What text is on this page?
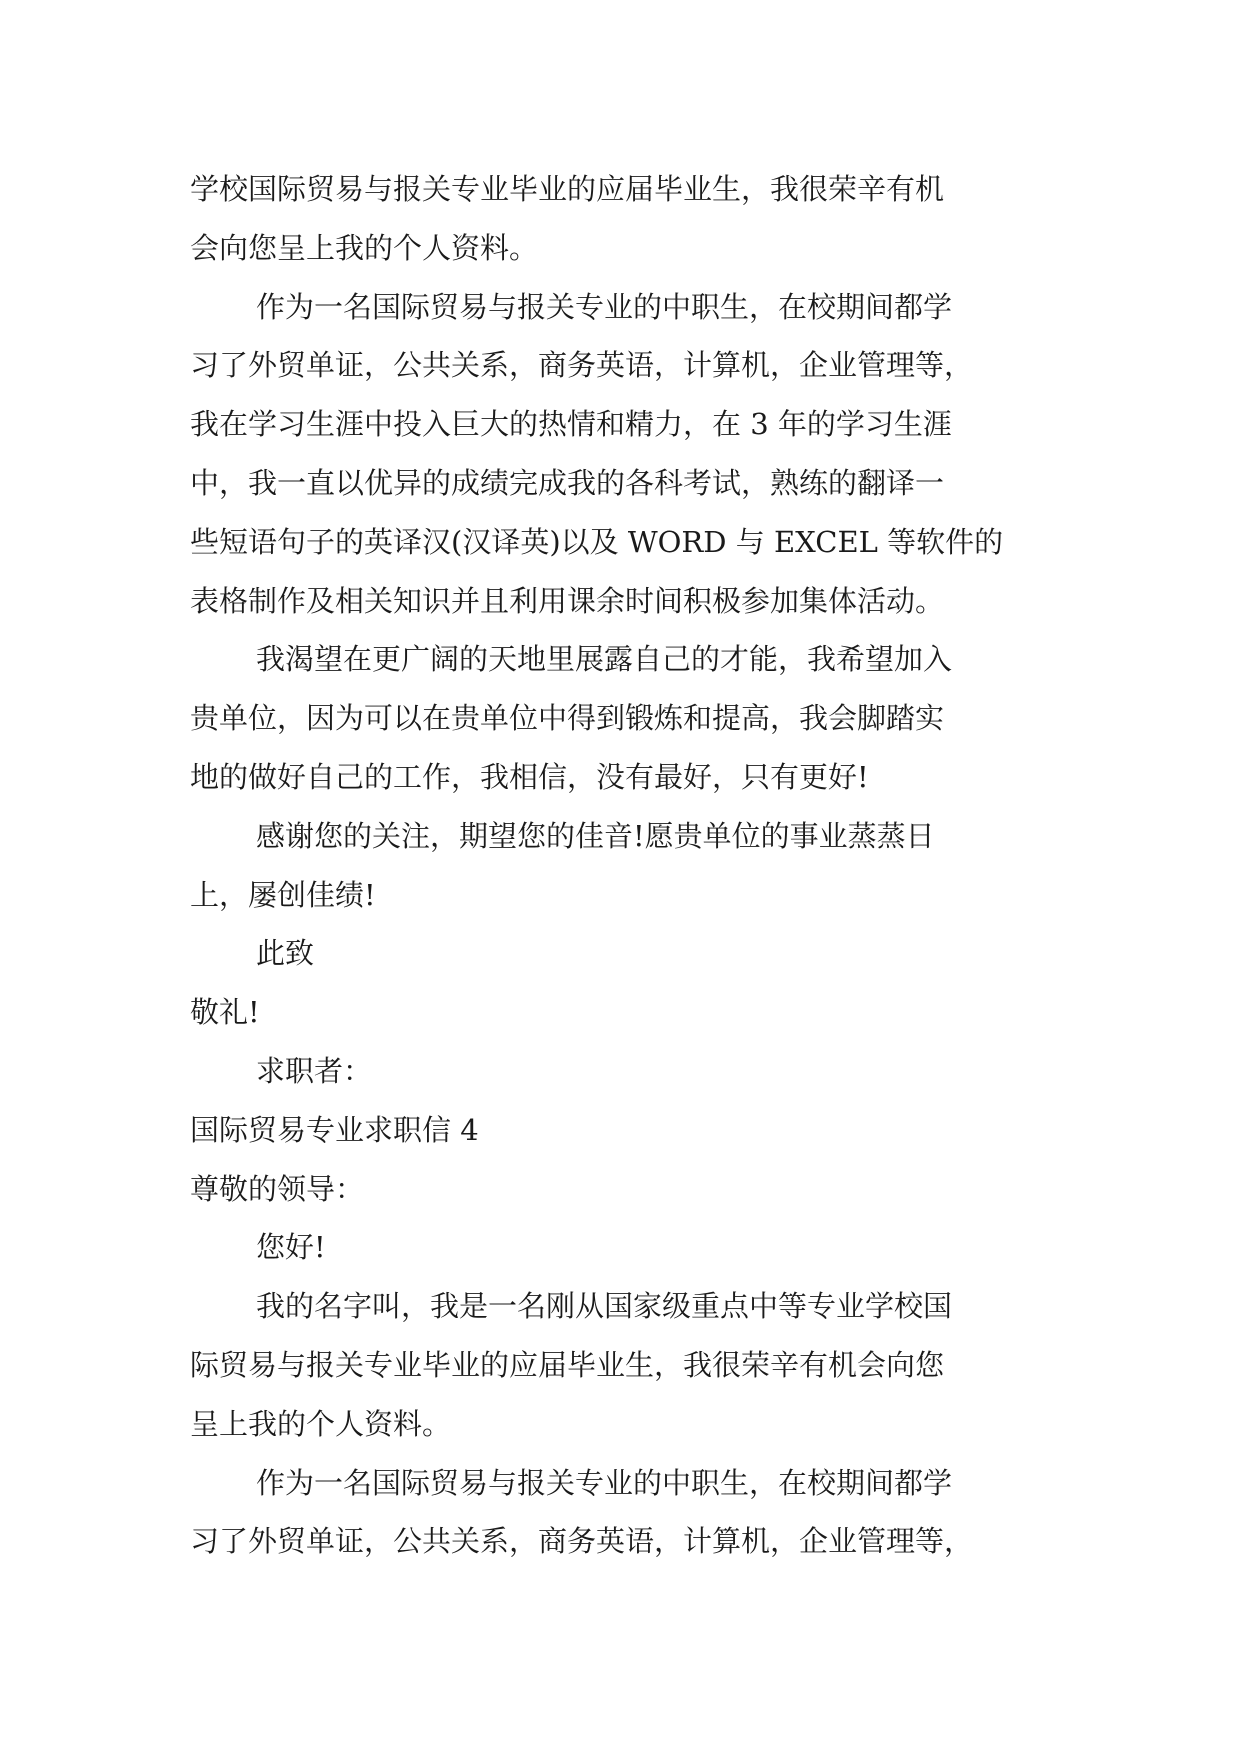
学校国际贸易与报关专业毕业的应届毕业生，我很荣辛有机
会向您呈上我的个人资料。
作为一名国际贸易与报关专业的中职生，在校期间都学
习了外贸单证，公共关系，商务英语，计算机，企业管理等，
我在学习生涯中投入巨大的热情和精力，在 3 年的学习生涯
中，我一直以优异的成绩完成我的各科考试，熟练的翻译一
些短语句子的英译汉(汉译英)以及 WORD 与 EXCEL 等软件的
表格制作及相关知识并且利用课余时间积极参加集体活动。
我渴望在更广阔的天地里展露自己的才能，我希望加入
贵单位，因为可以在贵单位中得到锻炼和提高，我会脚踏实
地的做好自己的工作，我相信，没有最好，只有更好!
感谢您的关注，期望您的佳音!愿贵单位的事业蒸蒸日
上，屡创佳绩!
此致
敬礼!
求职者：
国际贸易专业求职信 4
尊敬的领导：
您好!
我的名字叫，我是一名刚从国家级重点中等专业学校国
际贸易与报关专业毕业的应届毕业生，我很荣辛有机会向您
呈上我的个人资料。
作为一名国际贸易与报关专业的中职生，在校期间都学
习了外贸单证，公共关系，商务英语，计算机，企业管理等，
